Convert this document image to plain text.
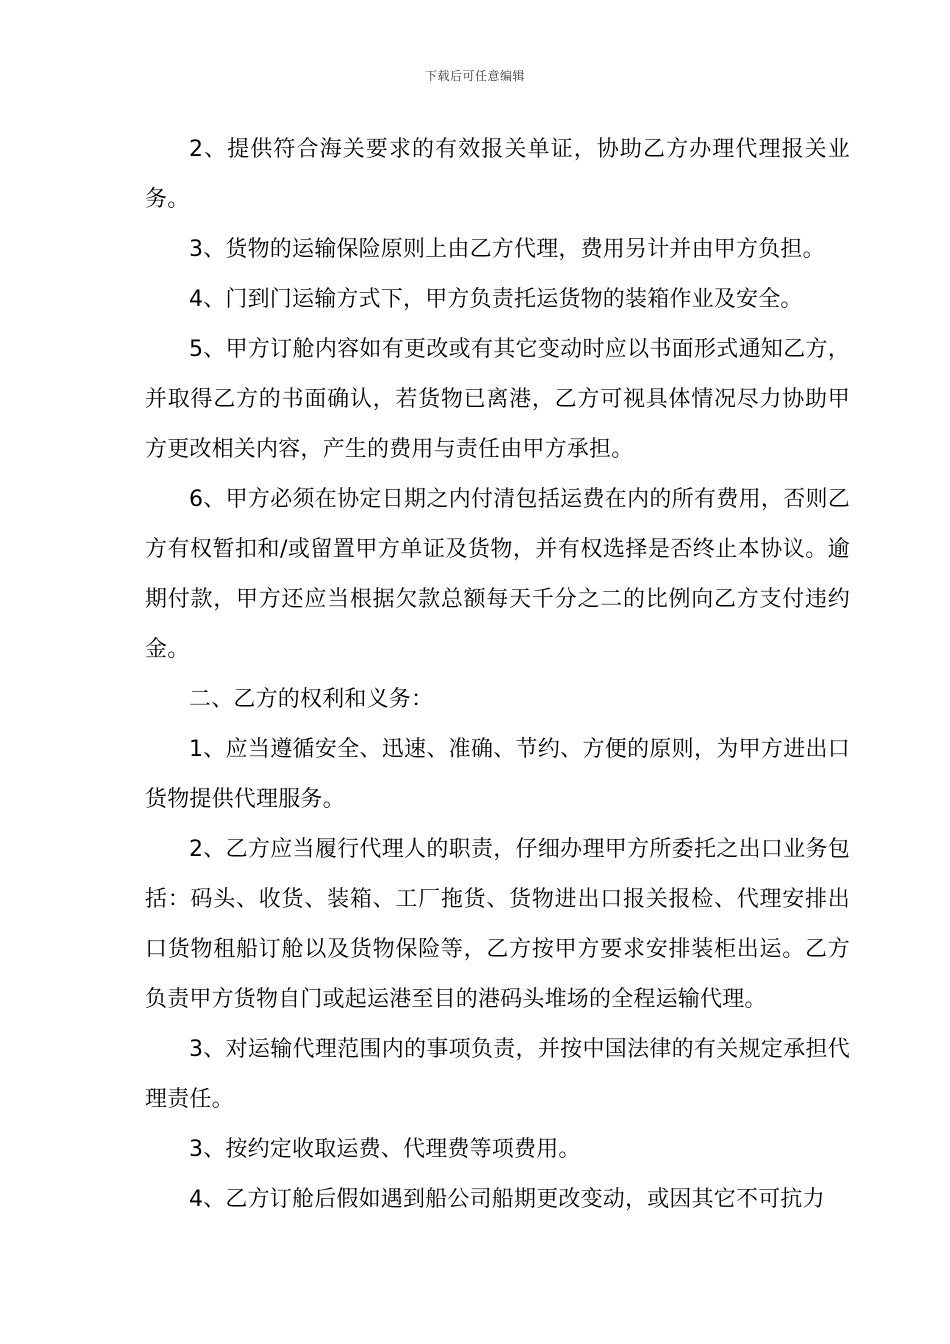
下载后可任意编辑

2、提供符合海关要求的有效报关单证，协助乙方办理代理报关业务。

3、货物的运输保险原则上由乙方代理，费用另计并由甲方负担。

4、门到门运输方式下，甲方负责托运货物的装箱作业及安全。

5、甲方订舱内容如有更改或有其它变动时应以书面形式通知乙方，并取得乙方的书面确认，若货物已离港，乙方可视具体情况尽力协助甲方更改相关内容，产生的费用与责任由甲方承担。

6、甲方必须在协定日期之内付清包括运费在内的所有费用，否则乙方有权暂扣和/或留置甲方单证及货物，并有权选择是否终止本协议。逾期付款，甲方还应当根据欠款总额每天千分之二的比例向乙方支付违约金。

二、乙方的权利和义务：

1、应当遵循安全、迅速、准确、节约、方便的原则，为甲方进出口货物提供代理服务。

2、乙方应当履行代理人的职责，仔细办理甲方所委托之出口业务包括：码头、收货、装箱、工厂拖货、货物进出口报关报检、代理安排出口货物租船订舱以及货物保险等，乙方按甲方要求安排装柜出运。乙方负责甲方货物自门或起运港至目的港码头堆场的全程运输代理。

3、对运输代理范围内的事项负责，并按中国法律的有关规定承担代理责任。

3、按约定收取运费、代理费等项费用。

4、乙方订舱后假如遇到船公司船期更改变动，或因其它不可抗力
